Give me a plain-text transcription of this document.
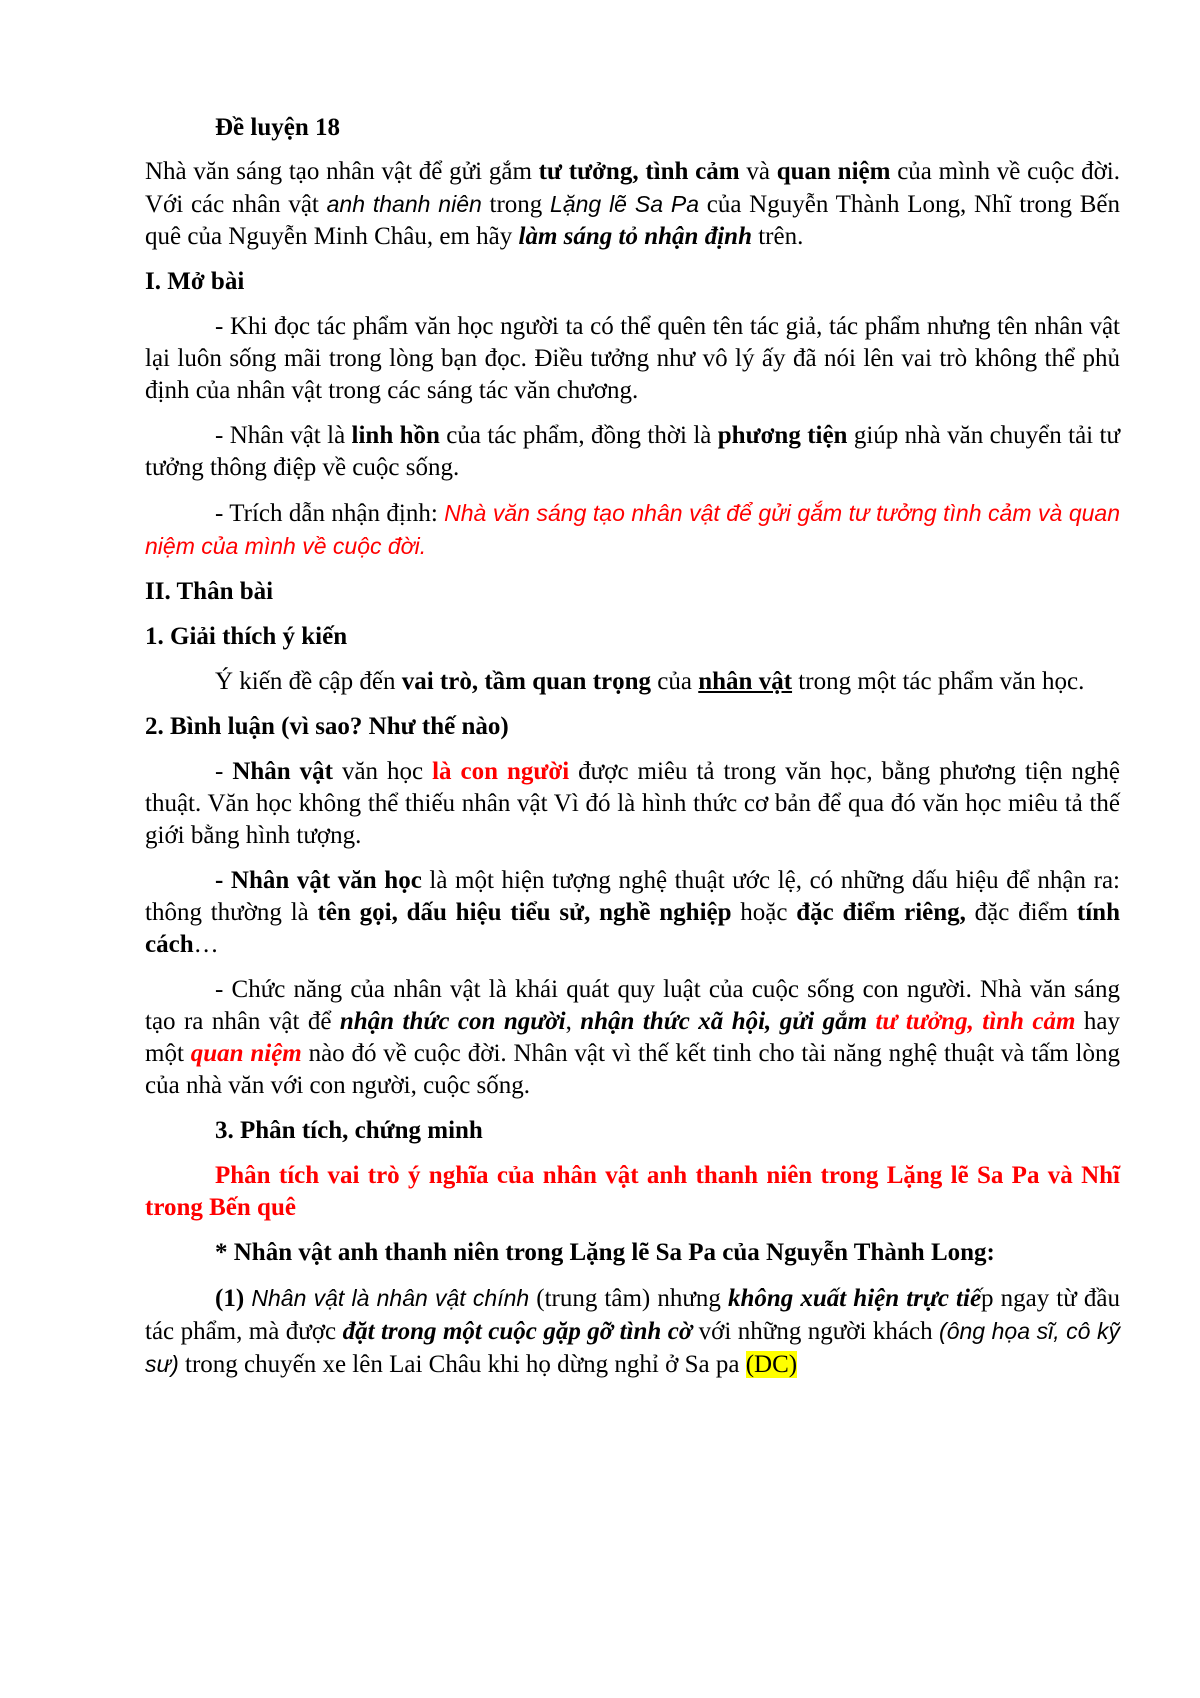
Đề luyện 18

Nhà văn sáng tạo nhân vật để gửi gắm tư tưởng, tình cảm và quan niệm của mình về cuộc đời. Với các nhân vật anh thanh niên trong Lặng lẽ Sa Pa của Nguyễn Thành Long, Nhĩ trong Bến quê của Nguyễn Minh Châu, em hãy làm sáng tỏ nhận định trên.

I. Mở bài

- Khi đọc tác phẩm văn học người ta có thể quên tên tác giả, tác phẩm nhưng tên nhân vật lại luôn sống mãi trong lòng bạn đọc. Điều tưởng như vô lý ấy đã nói lên vai trò không thể phủ định của nhân vật trong các sáng tác văn chương.

- Nhân vật là linh hồn của tác phẩm, đồng thời là phương tiện giúp nhà văn chuyển tải tư tưởng thông điệp về cuộc sống.

- Trích dẫn nhận định: Nhà văn sáng tạo nhân vật để gửi gắm tư tưởng tình cảm và quan niệm của mình về cuộc đời.

II. Thân bài

1. Giải thích ý kiến

Ý kiến đề cập đến vai trò, tầm quan trọng của nhân vật trong một tác phẩm văn học.

2. Bình luận (vì sao? Như thế nào)

- Nhân vật văn học là con người được miêu tả trong văn học, bằng phương tiện nghệ thuật. Văn học không thể thiếu nhân vật Vì đó là hình thức cơ bản để qua đó văn học miêu tả thế giới bằng hình tượng.

- Nhân vật văn học là một hiện tượng nghệ thuật ước lệ, có những dấu hiệu để nhận ra: thông thường là tên gọi, dấu hiệu tiểu sử, nghề nghiệp hoặc đặc điểm riêng, đặc điểm tính cách…

- Chức năng của nhân vật là khái quát quy luật của cuộc sống con người. Nhà văn sáng tạo ra nhân vật để nhận thức con người, nhận thức xã hội, gửi gắm tư tưởng, tình cảm hay một quan niệm nào đó về cuộc đời. Nhân vật vì thế kết tinh cho tài năng nghệ thuật và tấm lòng của nhà văn với con người, cuộc sống.

3. Phân tích, chứng minh

Phân tích vai trò ý nghĩa của nhân vật anh thanh niên trong Lặng lẽ Sa Pa và Nhĩ trong Bến quê

* Nhân vật anh thanh niên trong Lặng lẽ Sa Pa của Nguyễn Thành Long:

(1) Nhân vật là nhân vật chính (trung tâm) nhưng không xuất hiện trực tiếp ngay từ đầu tác phẩm, mà được đặt trong một cuộc gặp gỡ tình cờ với những người khách (ông họa sĩ, cô kỹ sư) trong chuyến xe lên Lai Châu khi họ dừng nghỉ ở Sa pa (DC)
